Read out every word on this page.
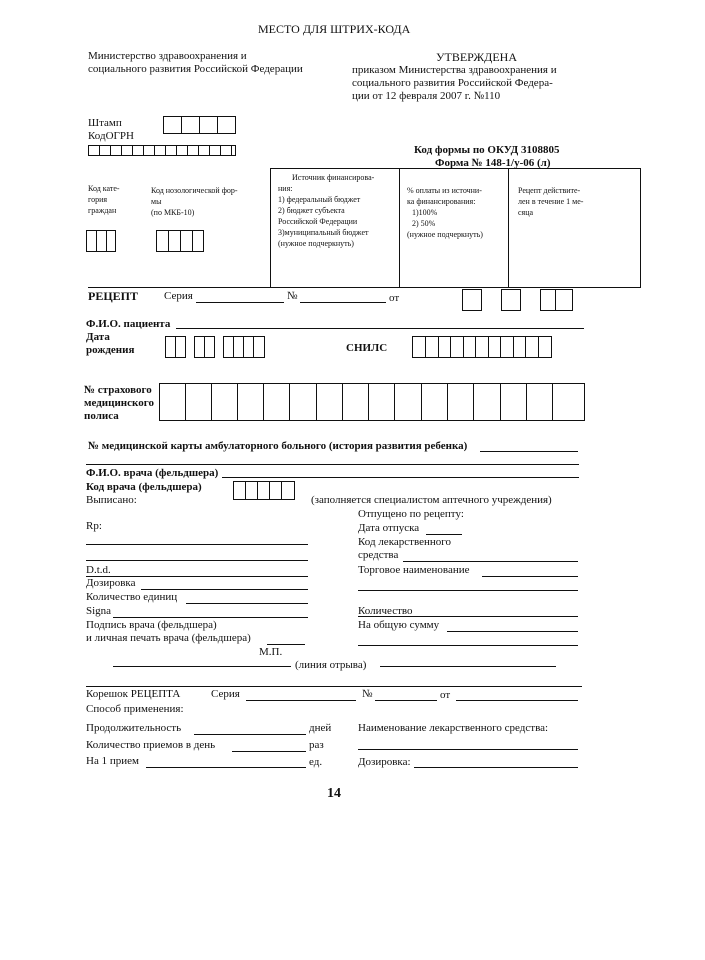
МЕСТО ДЛЯ ШТРИХ-КОДА
Министерство здравоохранения и
социального развития Российской Федерации
УТВЕРЖДЕНА
приказом Министерства здравоохранения и
социального развития Российской Федера-
ции от 12 февраля 2007 г. №110
Штамп
КодОГРН
Код формы по ОКУД 3108805
Форма № 148-1/у-06 (л)
Код кате-
гория
граждан
Код нозологической фор-
мы
(по МКБ-10)
Источник финансирова-
ния:
1) федеральный бюджет
2) бюджет субъекта
Российской Федерации
3)муниципальный бюджет
(нужное подчеркнуть)
% оплаты из источни-
ка финансирования:
1)100%
2) 50%
(нужное подчеркнуть)
Рецепт действите-
лен в течение 1 ме-
сяца
РЕЦЕПТ Серия	№	от
Ф.И.О. пациента
Дата
рождения	СНИЛС
№ страхового
медицинского
полиса
№ медицинской карты амбулаторного больного (история развития ребенка)
Ф.И.О. врача (фельдшера)
Код врача (фельдшера)
Выписано:	(заполняется специалистом аптечного учреждения)
Rp:
D.t.d.
Дозировка
Количество единиц
Signa
Подпись врача (фельдшера)
и личная печать врача (фельдшера)
М.П.
Отпущено по рецепту:
Дата отпуска
Код лекарственного
средства
Торговое наименование
Количество
На общую сумму
(линия отрыва)
Корешок РЕЦЕПТА	Серия	№	от
Способ применения:
Продолжительность	дней
Количество приемов в день	раз
На 1 прием	ед.
Наименование лекарственного средства:
Дозировка:
14
